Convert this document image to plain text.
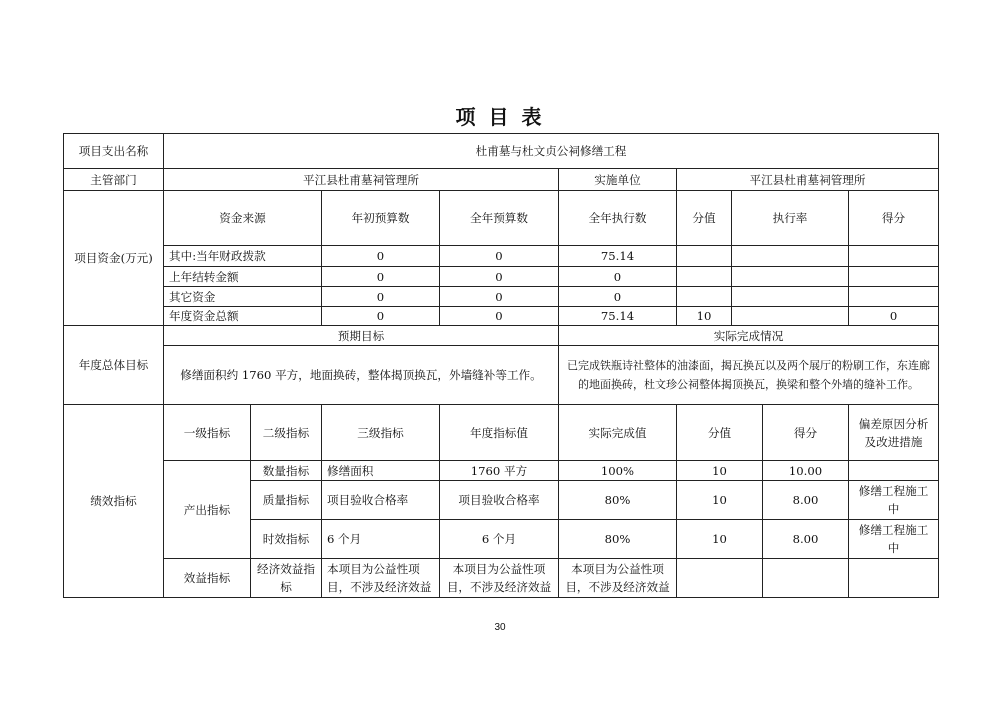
项 目 表
项目支出名称	杜甫墓与杜文贞公祠修缮工程								
主管部门	平江县杜甫墓祠管理所				实施单位	平江县杜甫墓祠管理所			
项目资金(万元)	资金来源		年初预算数	全年预算数	全年执行数	分值	执行率		得分
	其中:当年财政拨款		0	0	75.14				
	上年结转金额		0	0	0				
	其它资金		0	0	0				
	年度资金总额		0	0	75.14	10			0
年度总体目标	预期目标				实际完成情况				
	修缮面积约 1760 平方，地面换砖，整体揭顶换瓦，外墙缝补等工作。				已完成铁瓶诗社整体的油漆面，揭瓦换瓦以及两个展厅的粉刷工作，东连廊的地面换砖，杜文珍公祠整体揭顶换瓦，换梁和整个外墙的缝补工作。				
绩效指标	一级指标	二级指标	三级指标	年度指标值	实际完成值	分值		得分	偏差原因分析及改进措施
	产出指标	数量指标	修缮面积	1760 平方	100%	10		10.00	
		质量指标	项目验收合格率	项目验收合格率	80%	10		8.00	修缮工程施工中
		时效指标	6 个月	6 个月	80%	10		8.00	修缮工程施工中
	效益指标	经济效益指标	本项目为公益性项目，不涉及经济效益	本项目为公益性项目，不涉及经济效益	本项目为公益性项目，不涉及经济效益				
30
